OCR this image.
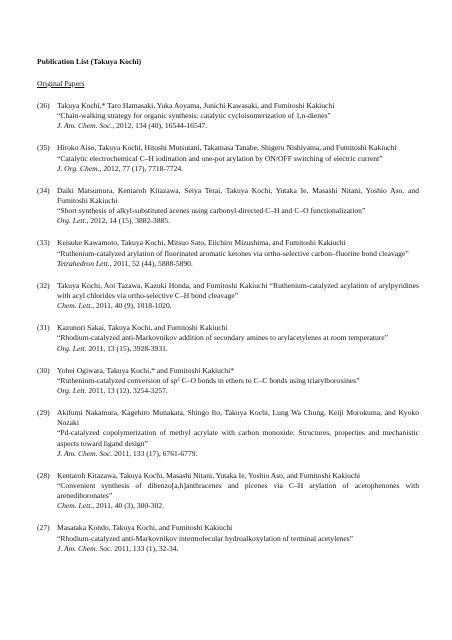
Publication List (Takuya Kochi)
Original Papers
(36) Takuya Kochi,* Taro Hamasaki, Yuka Aoyama, Junichi Kawasaki, and Fumitoshi Kakiuchi
“Chain-walking strategy for organic synthesis: catalytic cycloisomerization of 1,n-dienes”
J. Am. Chem. Soc., 2012, 134 (40), 16544-16547.
(35) Hiroko Aiso, Takuya Kochi, Hitoshi Mutsutani, Takamasa Tanabe, Shigeru Nishiyama, and Fumitoshi Kakiuchi
“Catalytic electrochemical C–H iodination and one-pot arylation by ON/OFF switching of electric current”
J. Org. Chem., 2012, 77 (17), 7718-7724.
(34) Daiki Matsumura, Kentaroh Kitazawa, Seiya Terai, Takuya Kochi, Yutaka Ie, Masashi Nitani, Yoshio Aso, and Fumitoshi Kakiuchi
“Short synthesis of alkyl-substituted acenes using carbonyl-directed C–H and C–O functionalization”
Org. Lett., 2012, 14 (15), 3882-3885.
(33) Keisuke Kawamoto, Takuya Kochi, Mitsuo Sato, Eiichiro Mizushima, and Fumitoshi Kakiuchi
“Ruthenium-catalyzed arylation of fluorinated aromatic ketones via ortho-selective carbon–fluorine bond cleavage”
Tetrahedron Lett., 2011, 52 (44), 5888-5890.
(32) Takuya Kochi, Aoi Tazawa, Kazuki Honda, and Fumitoshi Kakiuchi “Ruthenium-catalyzed acylation of arylpyridines with acyl chlorides via ortho-selective C–H bond cleavage”
Chem. Lett., 2011, 40 (9), 1018-1020.
(31) Kazunori Sakai, Takuya Kochi, and Fumitoshi Kakiuchi
“Rhodium-catalyzed anti-Markovnikov addition of secondary amines to arylacetylenes at room temperature”
Org. Lett. 2011, 13 (15), 3928-3931.
(30) Yohei Ogiwara, Takuya Kochi,* and Fumitoshi Kakiuchi*
“Ruthenium-catalyzed conversion of sp³ C–O bonds in ethers to C–C bonds using triarylboroxines”
Org. Lett. 2011, 13 (12), 3254-3257.
(29) Akifumi Nakamura, Kagehiro Munakata, Shingo Ito, Takuya Kochi, Lung Wa Chung, Keiji Morokuma, and Kyoko Nozaki
“Pd-catalyzed copolymerization of methyl acrylate with carbon monoxide: Structures, properties and mechanistic aspects toward ligand design”
J. Am. Chem. Soc. 2011, 133 (17), 6761-6779.
(28) Kentaroh Kitazawa, Takuya Kochi, Masashi Nitani, Yutaka Ie, Yoshio Aso, and Fumitoshi Kakiuchi
“Convenient synthesis of dibenzo[a,h]anthracenes and picenes via C–H arylation of acetophenones with arenediboronates”
Chem. Lett., 2011, 40 (3), 300-302.
(27) Masataka Kondo, Takuya Kochi, and Fumitoshi Kakiuchi
“Rhodium-catalyzed anti-Markovnikov intermolecular hydroalkoxylation of terminal acetylenes”
J. Am. Chem. Soc. 2011, 133 (1), 32-34.
